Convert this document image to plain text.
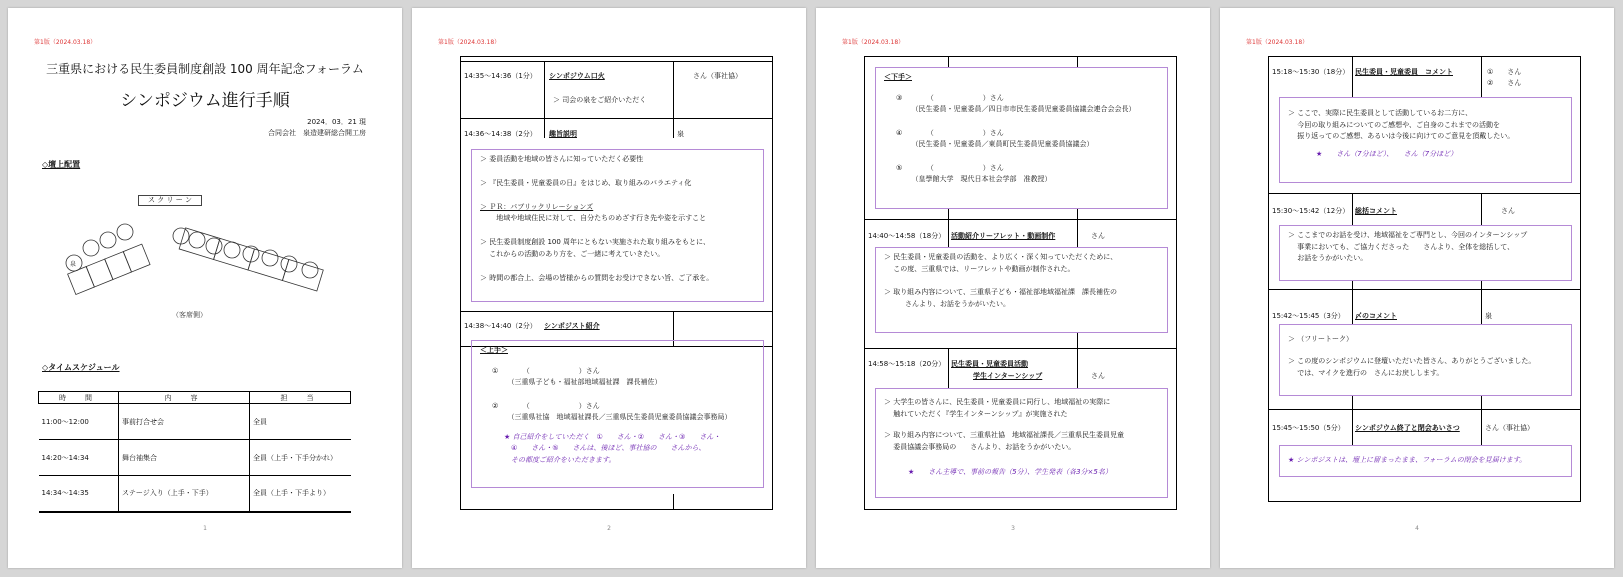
第1版（2024.03.18）
三重県における民生委員制度創設 100 周年記念フォーラム
シンポジウム進行手順
2024．03．21 現
合同会社　泉造建研総合開工房
◇壇上配置
ス ク リ ー ン
泉
（客席側）
◇タイムスケジュール
時　間	内　容	担　当
11:00〜12:00	事前打合せ会	全員
14:20〜14:34	舞台袖集合	全員（上手・下手分かれ）
14:34〜14:35	ステージ入り（上手・下手）	全員（上手・下手より）
1
第1版（2024.03.18）
14:35〜14:36（1分） シンポジウム口火	さん（事社協）
＞ 司会の泉をご紹介いただく
14:36〜14:38（2分） 趣旨説明	泉
＞ 委員活動を地域の皆さんに知っていただく必要性
＞ 『民生委員・児童委員の日』をはじめ、取り組みのバラエティ化
＞ ＰＲ：パブリックリレーションズ
　　 地域や地域住民に対して、自分たちのめざす行き先や姿を示すこと
＞ 民生委員制度創設 100 周年にともない実施された取り組みをもとに、
　 これからの活動のあり方を、ご一緒に考えていきたい。
＞ 時間の都合上、会場の皆様からの質問をお受けできない旨、ご了承を。
14:38〜14:40（2分） シンポジスト紹介
＜上手＞
①　　　　（　　　　　　　）さん
　（三重県子ども・福祉部地域福祉課　課長補佐）
②　　　　（　　　　　　　）さん
　（三重県社協　地域福祉課長／三重県民生委員児童委員協議会事務局）
★ 自己紹介をしていただく　①　　さん・②　　さん・③　　さん・
　④　　さん・⑤　　さんは、後ほど、事社協の　　さんから、
　その都度ご紹介をいただきます。
2
第1版（2024.03.18）
＜下手＞
③　　　　（　　　　　　　）さん
　（民生委員・児童委員／四日市市民生委員児童委員協議会連合会会長）
④　　　　（　　　　　　　）さん
　（民生委員・児童委員／東員町民生委員児童委員協議会）
⑤　　　　（　　　　　　　）さん
　（皇學館大学　現代日本社会学部　准教授）
14:40〜14:58（18分） 活動紹介リーフレット・動画制作	さん
＞ 民生委員・児童委員の活動を、より広く・深く知っていただくために、
　 この度、三重県では、リーフレットや動画が制作された。
＞ 取り組み内容について、三重県子ども・福祉部地域福祉課　課長補佐の
　　　さんより、お話をうかがいたい。
14:58〜15:18（20分） 民生委員・児童委員活動
学生インターンシップ	さん
＞ 大学生の皆さんに、民生委員・児童委員に同行し、地域福祉の実際に
　 触れていただく『学生インターンシップ』が実施された
＞ 取り組み内容について、三重県社協　地域福祉課長／三重県民生委員児童
　 委員協議会事務局の　　さんより、お話をうかがいたい。
★　　さん主導で、事前の報告（5分）、学生発表（各3分×5名）
3
第1版（2024.03.18）
15:18〜15:30（18分） 民生委員・児童委員　コメント	①　　さん
②　　さん
＞ ここで、実際に民生委員として活動しているお二方に、
　 今回の取り組みについてのご感想や、ご自身のこれまでの活動を
　 振り返ってのご感想、あるいは今後に向けてのご意見を頂戴したい。
　　　　★　　さん（7分ほど）、　　さん（7分ほど）
15:30〜15:42（12分） 総括コメント	さん
＞ ここまでのお話を受け、地域福祉をご専門とし、今回のインターンシップ
　 事業においても、ご協力くださった　　さんより、全体を総括して、
　 お話をうかがいたい。
15:42〜15:45（3分） 〆のコメント	泉
＞ （フリートーク）
＞ この度のシンポジウムに登壇いただいた皆さん、ありがとうございました。
　 では、マイクを進行の　さんにお戻しします。
15:45〜15:50（5分） シンポジウム終了と閉会あいさつ	さん（事社協）
★ シンポジストは、壇上に留まったまま、フォーラムの閉会を見届けます。
4
